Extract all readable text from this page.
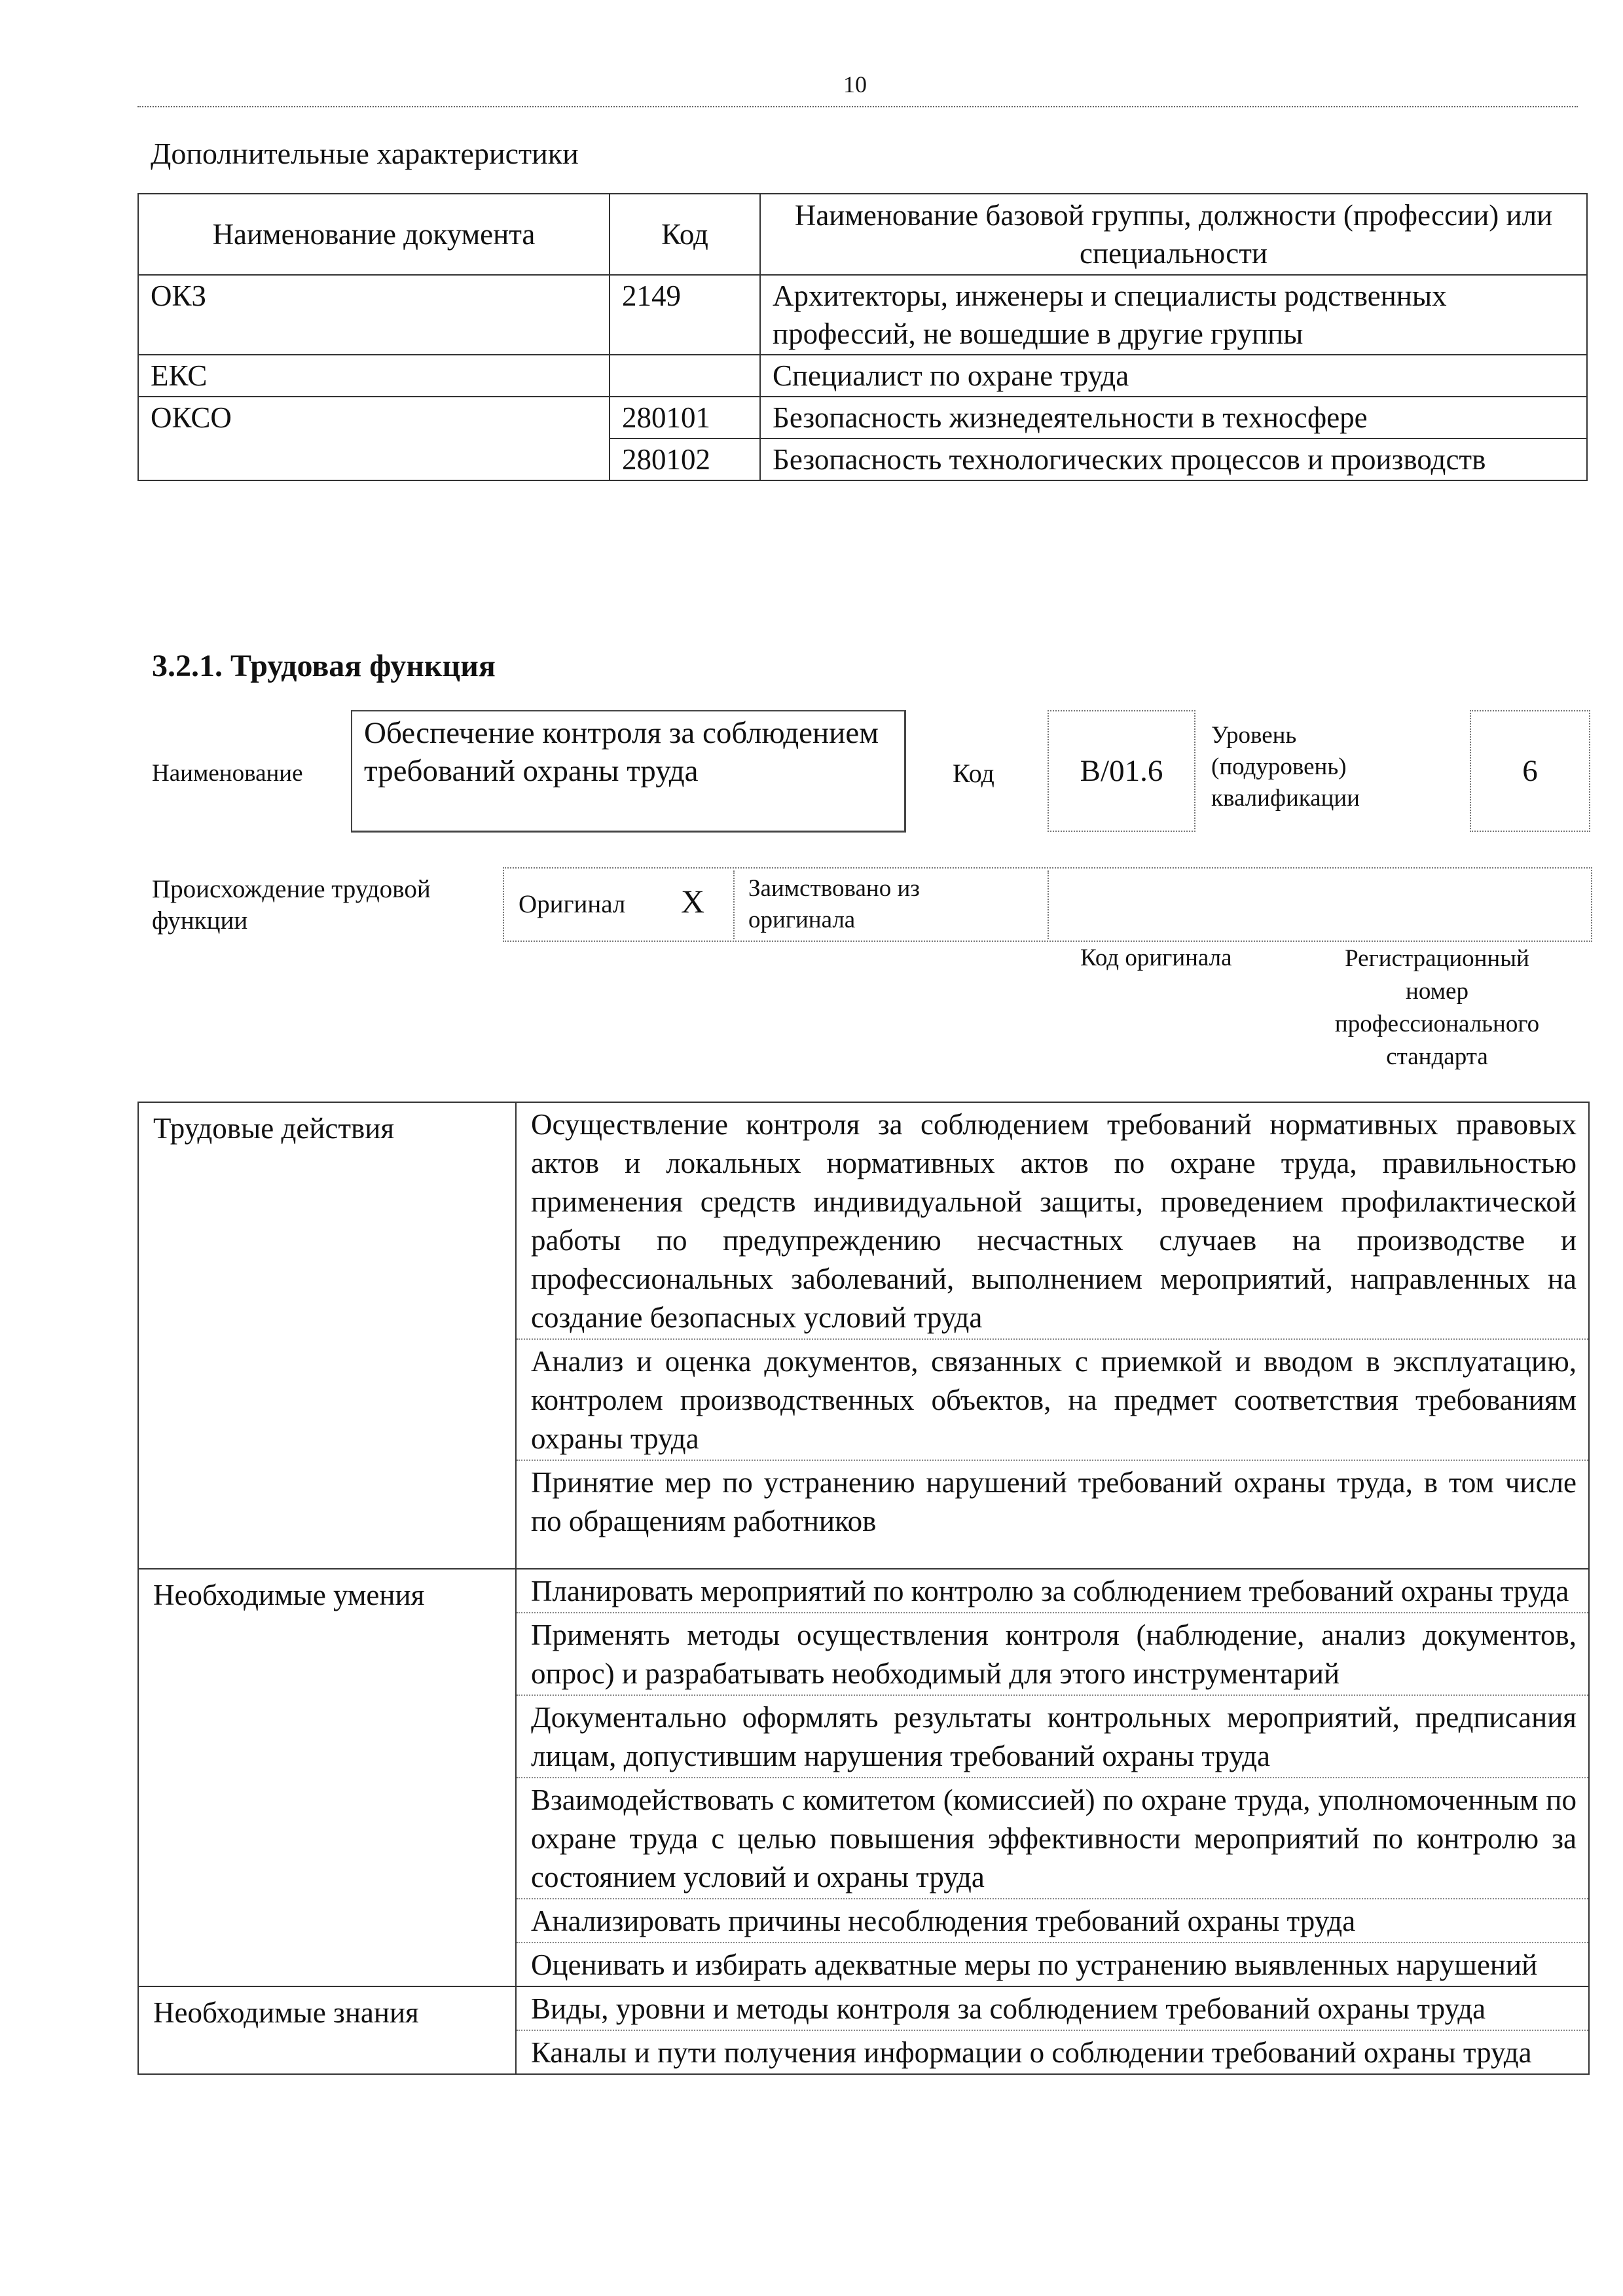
10
Дополнительные характеристики
Наименование документа	Код	Наименование базовой группы, должности (профессии) или специальности
ОКЗ	2149	Архитекторы, инженеры и специалисты родственных профессий, не вошедшие в другие группы
ЕКС		Специалист по охране труда
ОКСО	280101	Безопасность жизнедеятельности в техносфере
	280102	Безопасность технологических процессов и производств
3.2.1. Трудовая функция
Наименование
Обеспечение контроля за соблюдением требований охраны труда	Код	B/01.6
Уровень (подуровень) квалификации
6
Происхождение трудовой функции
Оригинал X Заимствовано из оригинала
Код оригинала	Регистрационный номер профессионального стандарта
Трудовые действия	Осуществление контроля за соблюдением требований нормативных правовых актов и локальных нормативных актов по охране труда, правильностью применения средств индивидуальной защиты, проведением профилактической работы по предупреждению несчастных случаев на производстве и профессиональных заболеваний, выполнением мероприятий, направленных на создание безопасных условий труда
	Анализ и оценка документов, связанных с приемкой и вводом в эксплуатацию, контролем производственных объектов, на предмет соответствия требованиям охраны труда
	Принятие мер по устранению нарушений требований охраны труда, в том числе по обращениям работников
Необходимые умения	Планировать мероприятий по контролю за соблюдением требований охраны труда
	Применять методы осуществления контроля (наблюдение, анализ документов, опрос) и разрабатывать необходимый для этого инструментарий
	Документально оформлять результаты контрольных мероприятий, предписания лицам, допустившим нарушения требований охраны труда
	Взаимодействовать с комитетом (комиссией) по охране труда, уполномоченным по охране труда с целью повышения эффективности мероприятий по контролю за состоянием условий и охраны труда
	Анализировать причины несоблюдения требований охраны труда
	Оценивать и избирать адекватные меры по устранению выявленных нарушений
Необходимые знания	Виды, уровни и методы контроля за соблюдением требований охраны труда
	Каналы и пути получения информации о соблюдении требований охраны труда
